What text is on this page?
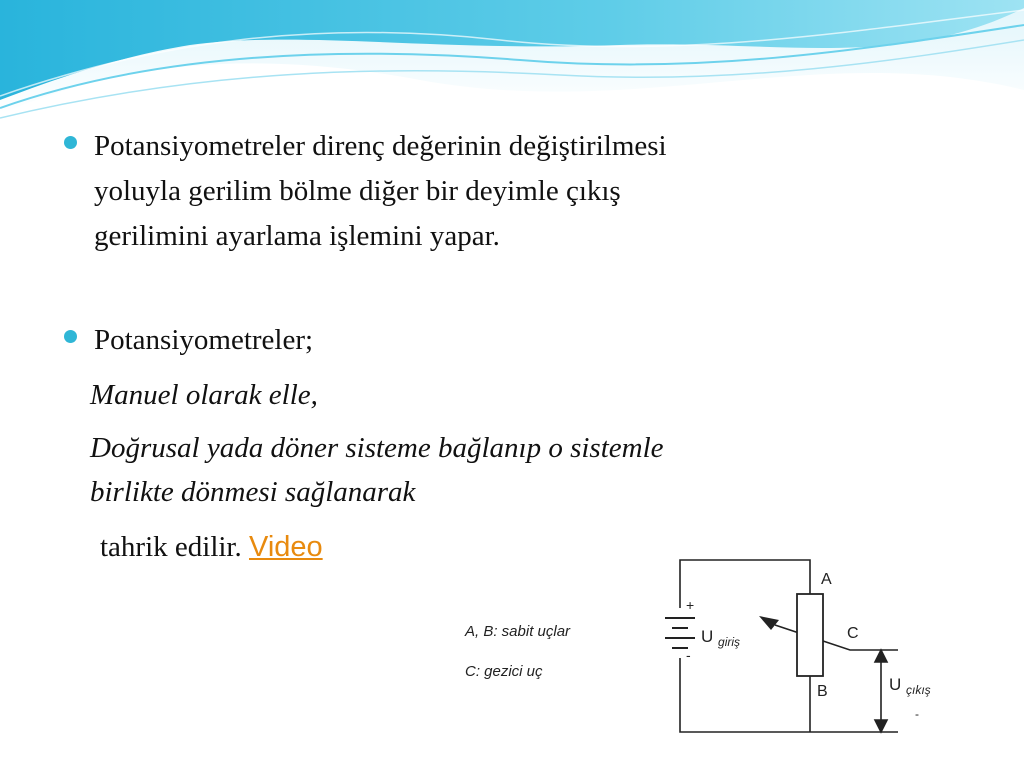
Potansiyometreler direnç değerinin değiştirilmesi
yoluyla gerilim bölme diğer bir deyimle çıkış
gerilimini ayarlama işlemini yapar.
Potansiyometreler;
Manuel olarak elle,
Doğrusal yada döner sisteme bağlanıp o sistemle
birlikte dönmesi sağlanarak
tahrik edilir. Video
A, B: sabit uçlar
C: gezici uç
A
B
C
+
-
U $_{giriş}$
U $_{çıkış}$
-
